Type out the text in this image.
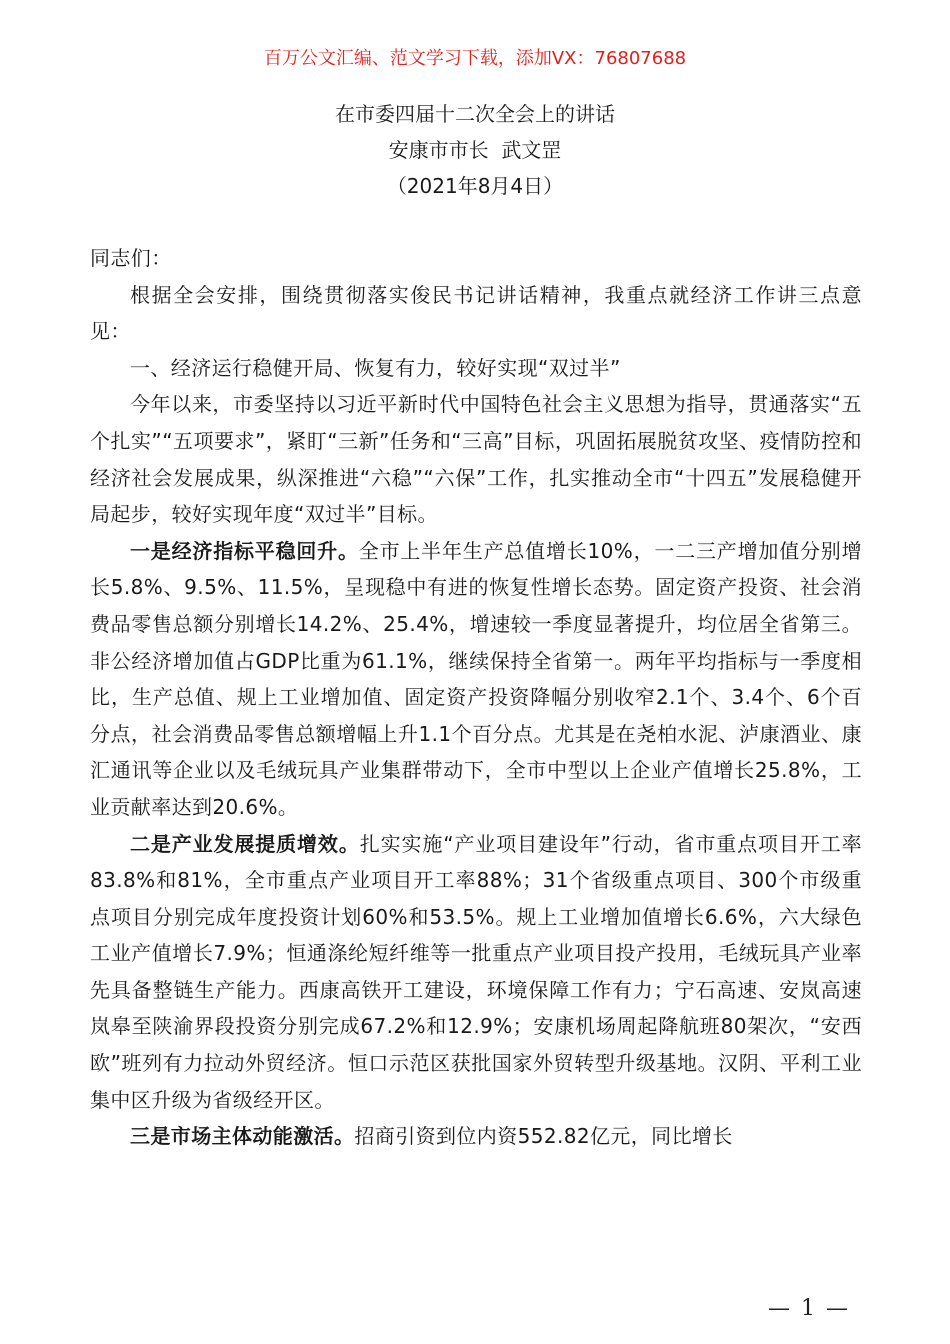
百万公文汇编、范文学习下载，添加VX：76807688
在市委四届十二次全会上的讲话
安康市市长  武文罡
（2021年8月4日）

同志们：

根据全会安排，围绕贯彻落实俊民书记讲话精神，我重点就经济工作讲三点意见：

一、经济运行稳健开局、恢复有力，较好实现“双过半”

今年以来，市委坚持以习近平新时代中国特色社会主义思想为指导，贯通落实“五个扎实”“五项要求”，紧盯“三新”任务和“三高”目标，巩固拓展脱贫攻坚、疫情防控和经济社会发展成果，纵深推进“六稳”“六保”工作，扎实推动全市“十四五”发展稳健开局起步，较好实现年度“双过半”目标。

一是经济指标平稳回升。全市上半年生产总值增长10%，一二三产增加值分别增长5.8%、9.5%、11.5%，呈现稳中有进的恢复性增长态势。固定资产投资、社会消费品零售总额分别增长14.2%、25.4%，增速较一季度显著提升，均位居全省第三。非公经济增加值占GDP比重为61.1%，继续保持全省第一。两年平均指标与一季度相比，生产总值、规上工业增加值、固定资产投资降幅分别收窄2.1个、3.4个、6个百分点，社会消费品零售总额增幅上升1.1个百分点。尤其是在尧柏水泥、泸康酒业、康汇通讯等企业以及毛绒玩具产业集群带动下，全市中型以上企业产值增长25.8%，工业贡献率达到20.6%。

二是产业发展提质增效。扎实实施“产业项目建设年”行动，省市重点项目开工率83.8%和81%，全市重点产业项目开工率88%；31个省级重点项目、300个市级重点项目分别完成年度投资计划60%和53.5%。规上工业增加值增长6.6%，六大绿色工业产值增长7.9%；恒通涤纶短纤维等一批重点产业项目投产投用，毛绒玩具产业率先具备整链生产能力。西康高铁开工建设，环境保障工作有力；宁石高速、安岚高速岚皋至陕渝界段投资分别完成67.2%和12.9%；安康机场周起降航班80架次，“安西欧”班列有力拉动外贸经济。恒口示范区获批国家外贸转型升级基地。汉阴、平利工业集中区升级为省级经开区。

三是市场主体动能激活。招商引资到位内资552.82亿元，同比增长

— 1 —
